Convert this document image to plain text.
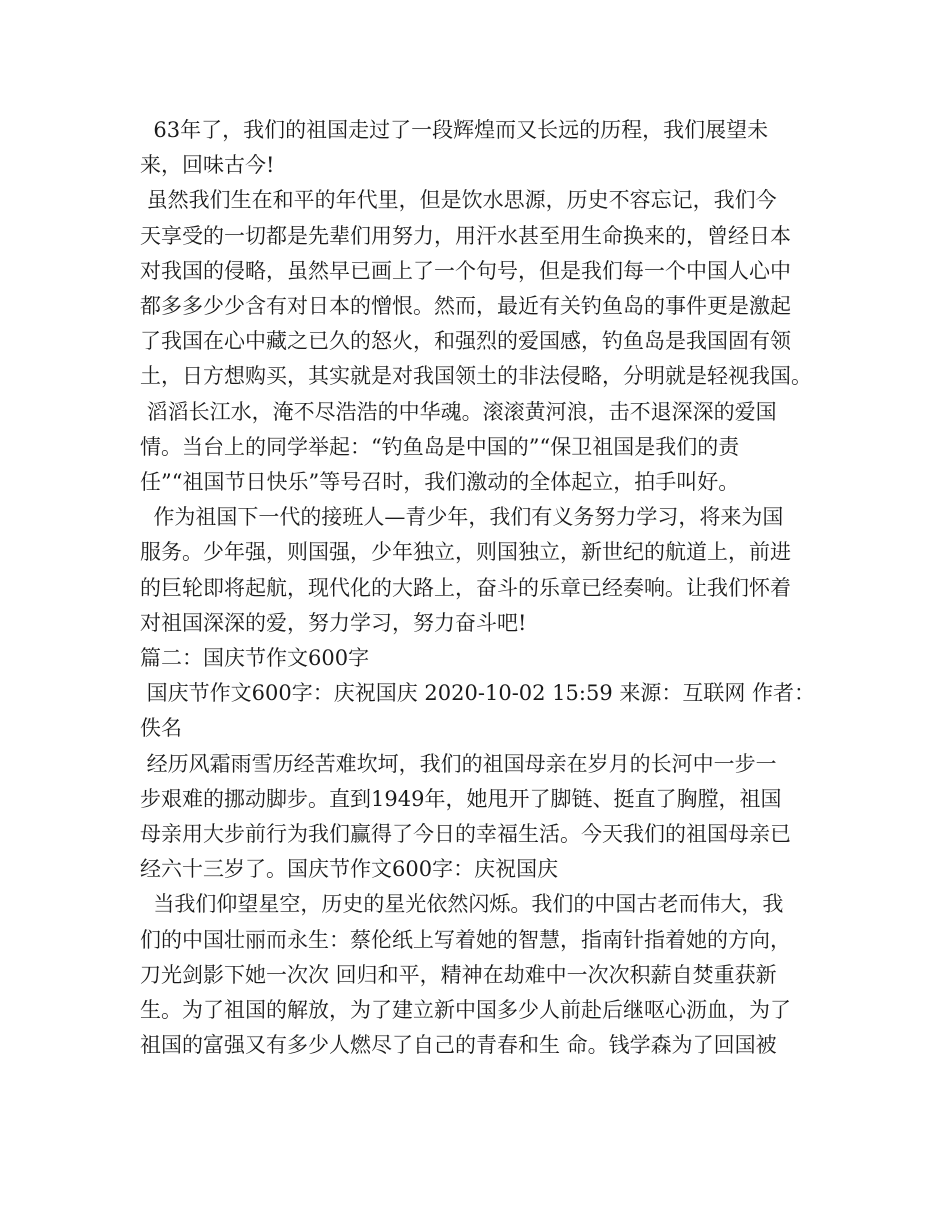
63年了，我们的祖国走过了一段辉煌而又长远的历程，我们展望未
来，回味古今!
虽然我们生在和平的年代里，但是饮水思源，历史不容忘记，我们今
天享受的一切都是先辈们用努力，用汗水甚至用生命换来的，曾经日本
对我国的侵略，虽然早已画上了一个句号，但是我们每一个中国人心中
都多多少少含有对日本的憎恨。然而，最近有关钓鱼岛的事件更是激起
了我国在心中藏之已久的怒火，和强烈的爱国感，钓鱼岛是我国固有领
土，日方想购买，其实就是对我国领土的非法侵略，分明就是轻视我国。
滔滔长江水，淹不尽浩浩的中华魂。滚滚黄河浪，击不退深深的爱国
情。当台上的同学举起：“钓鱼岛是中国的”“保卫祖国是我们的责
任”“祖国节日快乐”等号召时，我们激动的全体起立，拍手叫好。
作为祖国下一代的接班人—青少年，我们有义务努力学习，将来为国
服务。少年强，则国强，少年独立，则国独立，新世纪的航道上，前进
的巨轮即将起航，现代化的大路上，奋斗的乐章已经奏响。让我们怀着
对祖国深深的爱，努力学习，努力奋斗吧!
篇二：国庆节作文600字
国庆节作文600字：庆祝国庆 2020-10-02 15:59 来源：互联网 作者：
佚名
经历风霜雨雪历经苦难坎坷，我们的祖国母亲在岁月的长河中一步一
步艰难的挪动脚步。直到1949年，她甩开了脚链、挺直了胸膛，祖国
母亲用大步前行为我们赢得了今日的幸福生活。今天我们的祖国母亲已
经六十三岁了。国庆节作文600字：庆祝国庆
当我们仰望星空，历史的星光依然闪烁。我们的中国古老而伟大，我
们的中国壮丽而永生：蔡伦纸上写着她的智慧，指南针指着她的方向，
刀光剑影下她一次次 回归和平，精神在劫难中一次次积薪自焚重获新
生。为了祖国的解放，为了建立新中国多少人前赴后继呕心沥血，为了
祖国的富强又有多少人燃尽了自己的青春和生 命。钱学森为了回国被
